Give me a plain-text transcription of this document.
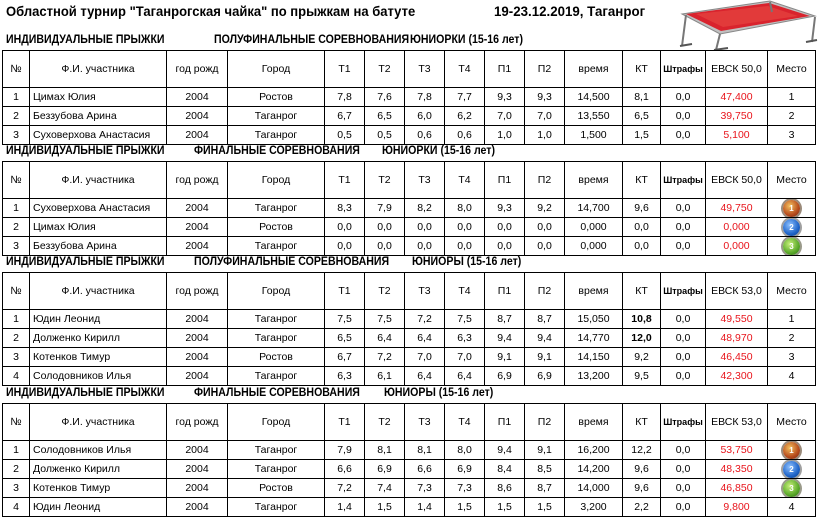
Областной турнир "Таганрогская чайка" по прыжкам на батуте	19-23.12.2019, Таганрог
ИНДИВИДУАЛЬНЫЕ ПРЫЖКИ	ПОЛУФИНАЛЬНЫЕ СОРЕВНОВАНИЯ ЮНИОРКИ (15-16 лет)
№	Ф.И. участника	год рожд	Город	T1	T2	T3	T4	П1	П2	время	КТ	Штрафы	ЕВСК 50,0	Место
1	Цимах Юлия	2004	Ростов	7,8	7,6	7,8	7,7	9,3	9,3	14,500	8,1	0,0	47,400	1
2	Беззубова Арина	2004	Таганрог	6,7	6,5	6,0	6,2	7,0	7,0	13,550	6,5	0,0	39,750	2
3	Суховерхова Анастасия	2004	Таганрог	0,5	0,5	0,6	0,6	1,0	1,0	1,500	1,5	0,0	5,100	3
ИНДИВИДУАЛЬНЫЕ ПРЫЖКИ	ФИНАЛЬНЫЕ СОРЕВНОВАНИЯ ЮНИОРКИ (15-16 лет)
№	Ф.И. участника	год рожд	Город	T1	T2	T3	T4	П1	П2	время	КТ	Штрафы	ЕВСК 50,0	Место
1	Суховерхова Анастасия	2004	Таганрог	8,3	7,9	8,2	8,0	9,3	9,2	14,700	9,6	0,0	49,750	1
2	Цимах Юлия	2004	Ростов	0,0	0,0	0,0	0,0	0,0	0,0	0,000	0,0	0,0	0,000	2
3	Беззубова Арина	2004	Таганрог	0,0	0,0	0,0	0,0	0,0	0,0	0,000	0,0	0,0	0,000	3
ИНДИВИДУАЛЬНЫЕ ПРЫЖКИ	ПОЛУФИНАЛЬНЫЕ СОРЕВНОВАНИЯ ЮНИОРЫ (15-16 лет)
№	Ф.И. участника	год рожд	Город	T1	T2	T3	T4	П1	П2	время	КТ	Штрафы	ЕВСК 53,0	Место
1	Юдин Леонид	2004	Таганрог	7,5	7,5	7,2	7,5	8,7	8,7	15,050	10,8	0,0	49,550	1
2	Долженко Кирилл	2004	Таганрог	6,5	6,4	6,4	6,3	9,4	9,4	14,770	12,0	0,0	48,970	2
3	Котенков Тимур	2004	Ростов	6,7	7,2	7,0	7,0	9,1	9,1	14,150	9,2	0,0	46,450	3
4	Солодовников Илья	2004	Таганрог	6,3	6,1	6,4	6,4	6,9	6,9	13,200	9,5	0,0	42,300	4
ИНДИВИДУАЛЬНЫЕ ПРЫЖКИ	ФИНАЛЬНЫЕ СОРЕВНОВАНИЯ ЮНИОРЫ (15-16 лет)
№	Ф.И. участника	год рожд	Город	T1	T2	T3	T4	П1	П2	время	КТ	Штрафы	ЕВСК 53,0	Место
1	Солодовников Илья	2004	Таганрог	7,9	8,1	8,1	8,0	9,4	9,1	16,200	12,2	0,0	53,750	1
2	Долженко Кирилл	2004	Таганрог	6,6	6,9	6,6	6,9	8,4	8,5	14,200	9,6	0,0	48,350	2
3	Котенков Тимур	2004	Ростов	7,2	7,4	7,3	7,3	8,6	8,7	14,000	9,6	0,0	46,850	3
4	Юдин Леонид	2004	Таганрог	1,4	1,5	1,4	1,5	1,5	1,5	3,200	2,2	0,0	9,800	4
